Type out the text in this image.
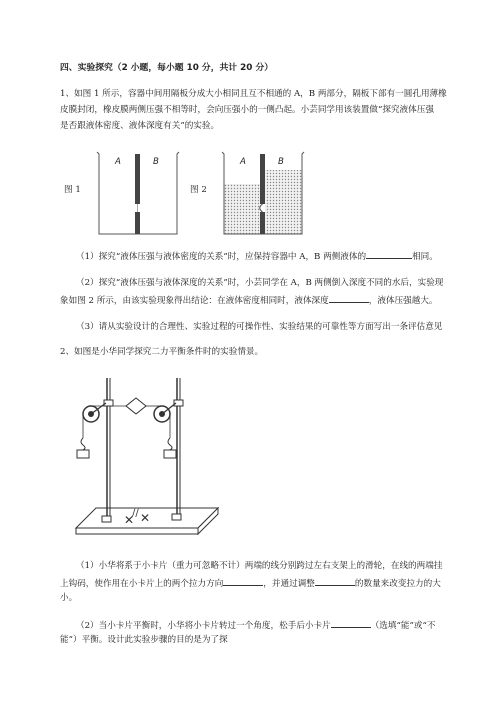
四、实验探究（2 小题，每小题 10 分，共计 20 分）
1、如图 1 所示，容器中间用隔板分成大小相同且互不相通的 A，B 两部分，隔板下部有一圆孔用薄橡
皮膜封闭，橡皮膜两侧压强不相等时，会向压强小的一侧凸起。小芸同学用该装置做“探究液体压强
是否跟液体密度、液体深度有关”的实验。
图 1
A	B
图 2
A	B
（1）探究“液体压强与液体密度的关系”时，应保持容器中 A，B 两侧液体的	相同。
（2）探究“液体压强与液体深度的关系”时，小芸同学在 A，B 两侧倒入深度不同的水后，实验现
象如图 2 所示，由该实验现象得出结论：在液体密度相同时，液体深度	，液体压强越大。
（3）请从实验设计的合理性、实验过程的可操作性、实验结果的可靠性等方面写出一条评估意见
2、如图是小华同学探究二力平衡条件时的实验情景。
✕ ✕
∕∕
（1）小华将系于小卡片（重力可忽略不计）两端的线分别跨过左右支架上的滑轮，在线的两端挂
上钩码，使作用在小卡片上的两个拉力方向	，并通过调整	的数量来改变拉力的大
小。
（2）当小卡片平衡时，小华将小卡片转过一个角度，松手后小卡片	（选填“能”或“不
能”）平衡。设计此实验步骤的目的是为了探
